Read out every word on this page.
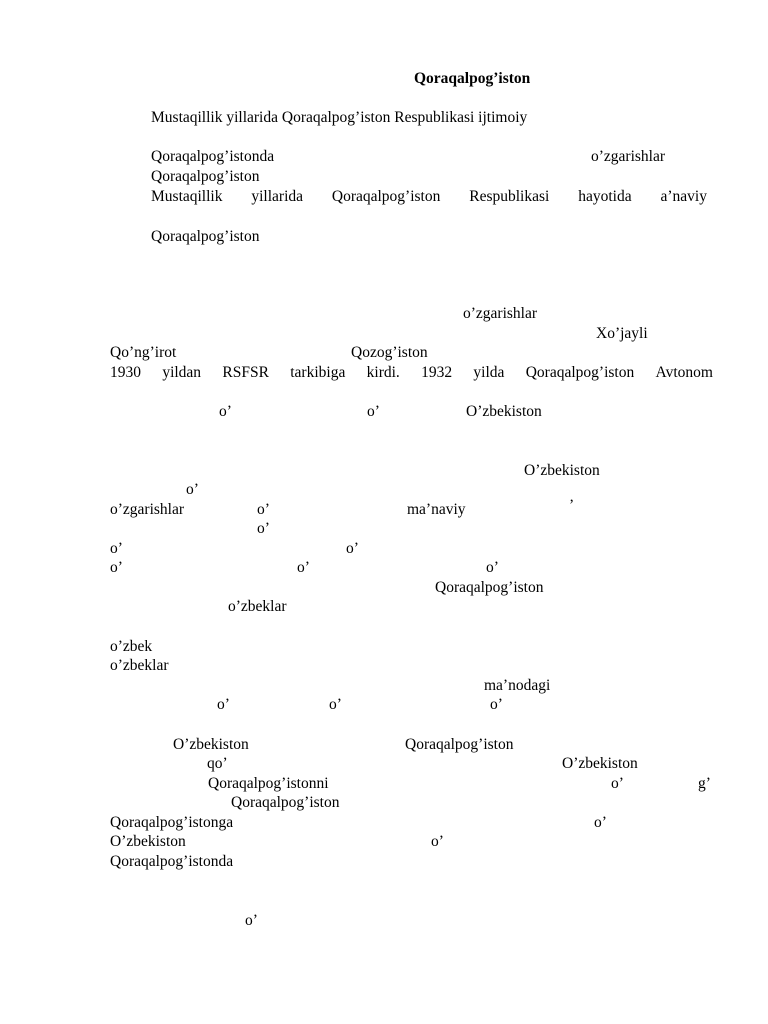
Qoraqalpog’iston
Mustaqillik yillarida Qoraqalpog’iston Respublikasi ijtimoiy
Qoraqalpog’istonda	o’zgarishlar
Qoraqalpog’iston
Mustaqillik yillarida Qoraqalpog’iston Respublikasi hayotida a’naviy
Qoraqalpog’iston
o’zgarishlar
Xo’jayli
Qo’ng’irot	Qozog’iston
1930 yildan RSFSR tarkibiga kirdi. 1932 yilda Qoraqalpog’iston Avtonom
o’	o’	O’zbekiston
O’zbekiston
o’
o’zgarishlar	o’	ma’naviy	’
o’
o’	o’
o’	o’	o’
Qoraqalpog’iston
o’zbeklar
o’zbek
o’zbeklar
ma’nodagi
o’	o’	o’
O’zbekiston	Qoraqalpog’iston
qo’	O’zbekiston
Qoraqalpog’istonni	o’	g’
Qoraqalpog’iston
Qoraqalpog’istonga	o’
O’zbekiston	o’
Qoraqalpog’istonda
o’
